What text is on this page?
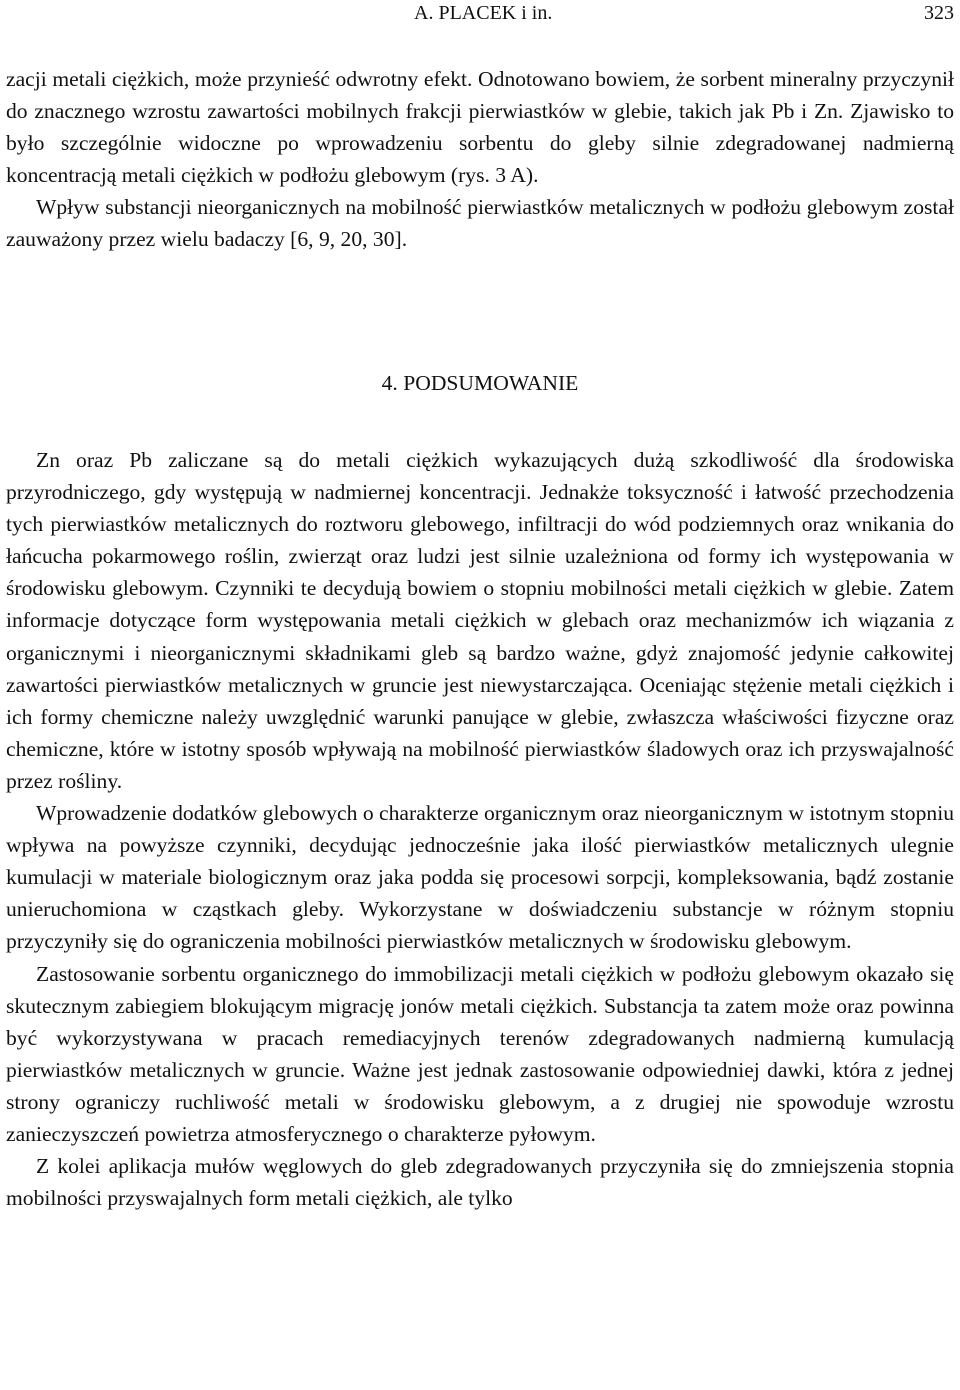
A. PLACEK i in.	323

zacji metali ciężkich, może przynieść odwrotny efekt. Odnotowano bowiem, że sorbent mineralny przyczynił do znacznego wzrostu zawartości mobilnych frakcji pierwiastków w glebie, takich jak Pb i Zn. Zjawisko to było szczególnie widoczne po wprowadzeniu sorbentu do gleby silnie zdegradowanej nadmierną koncentracją metali ciężkich w podłożu glebowym (rys. 3 A).

Wpływ substancji nieorganicznych na mobilność pierwiastków metalicznych w podłożu glebowym został zauważony przez wielu badaczy [6, 9, 20, 30].

4. PODSUMOWANIE

Zn oraz Pb zaliczane są do metali ciężkich wykazujących dużą szkodliwość dla środowiska przyrodniczego, gdy występują w nadmiernej koncentracji. Jednakże toksyczność i łatwość przechodzenia tych pierwiastków metalicznych do roztworu glebowego, infiltracji do wód podziemnych oraz wnikania do łańcucha pokarmowego roślin, zwierząt oraz ludzi jest silnie uzależniona od formy ich występowania w środowisku glebowym. Czynniki te decydują bowiem o stopniu mobilności metali ciężkich w glebie. Zatem informacje dotyczące form występowania metali ciężkich w glebach oraz mechanizmów ich wiązania z organicznymi i nieorganicznymi składnikami gleb są bardzo ważne, gdyż znajomość jedynie całkowitej zawartości pierwiastków metalicznych w gruncie jest niewystarczająca. Oceniając stężenie metali ciężkich i ich formy chemiczne należy uwzględnić warunki panujące w glebie, zwłaszcza właściwości fizyczne oraz chemiczne, które w istotny sposób wpływają na mobilność pierwiastków śladowych oraz ich przyswajalność przez rośliny.

Wprowadzenie dodatków glebowych o charakterze organicznym oraz nieorganicznym w istotnym stopniu wpływa na powyższe czynniki, decydując jednocześnie jaka ilość pierwiastków metalicznych ulegnie kumulacji w materiale biologicznym oraz jaka podda się procesowi sorpcji, kompleksowania, bądź zostanie unieruchomiona w cząstkach gleby. Wykorzystane w doświadczeniu substancje w różnym stopniu przyczyniły się do ograniczenia mobilności pierwiastków metalicznych w środowisku glebowym.

Zastosowanie sorbentu organicznego do immobilizacji metali ciężkich w podłożu glebowym okazało się skutecznym zabiegiem blokującym migrację jonów metali ciężkich. Substancja ta zatem może oraz powinna być wykorzystywana w pracach remediacyjnych terenów zdegradowanych nadmierną kumulacją pierwiastków metalicznych w gruncie. Ważne jest jednak zastosowanie odpowiedniej dawki, która z jednej strony ograniczy ruchliwość metali w środowisku glebowym, a z drugiej nie spowoduje wzrostu zanieczyszczeń powietrza atmosferycznego o charakterze pyłowym.

Z kolei aplikacja mułów węglowych do gleb zdegradowanych przyczyniła się do zmniejszenia stopnia mobilności przyswajalnych form metali ciężkich, ale tylko
